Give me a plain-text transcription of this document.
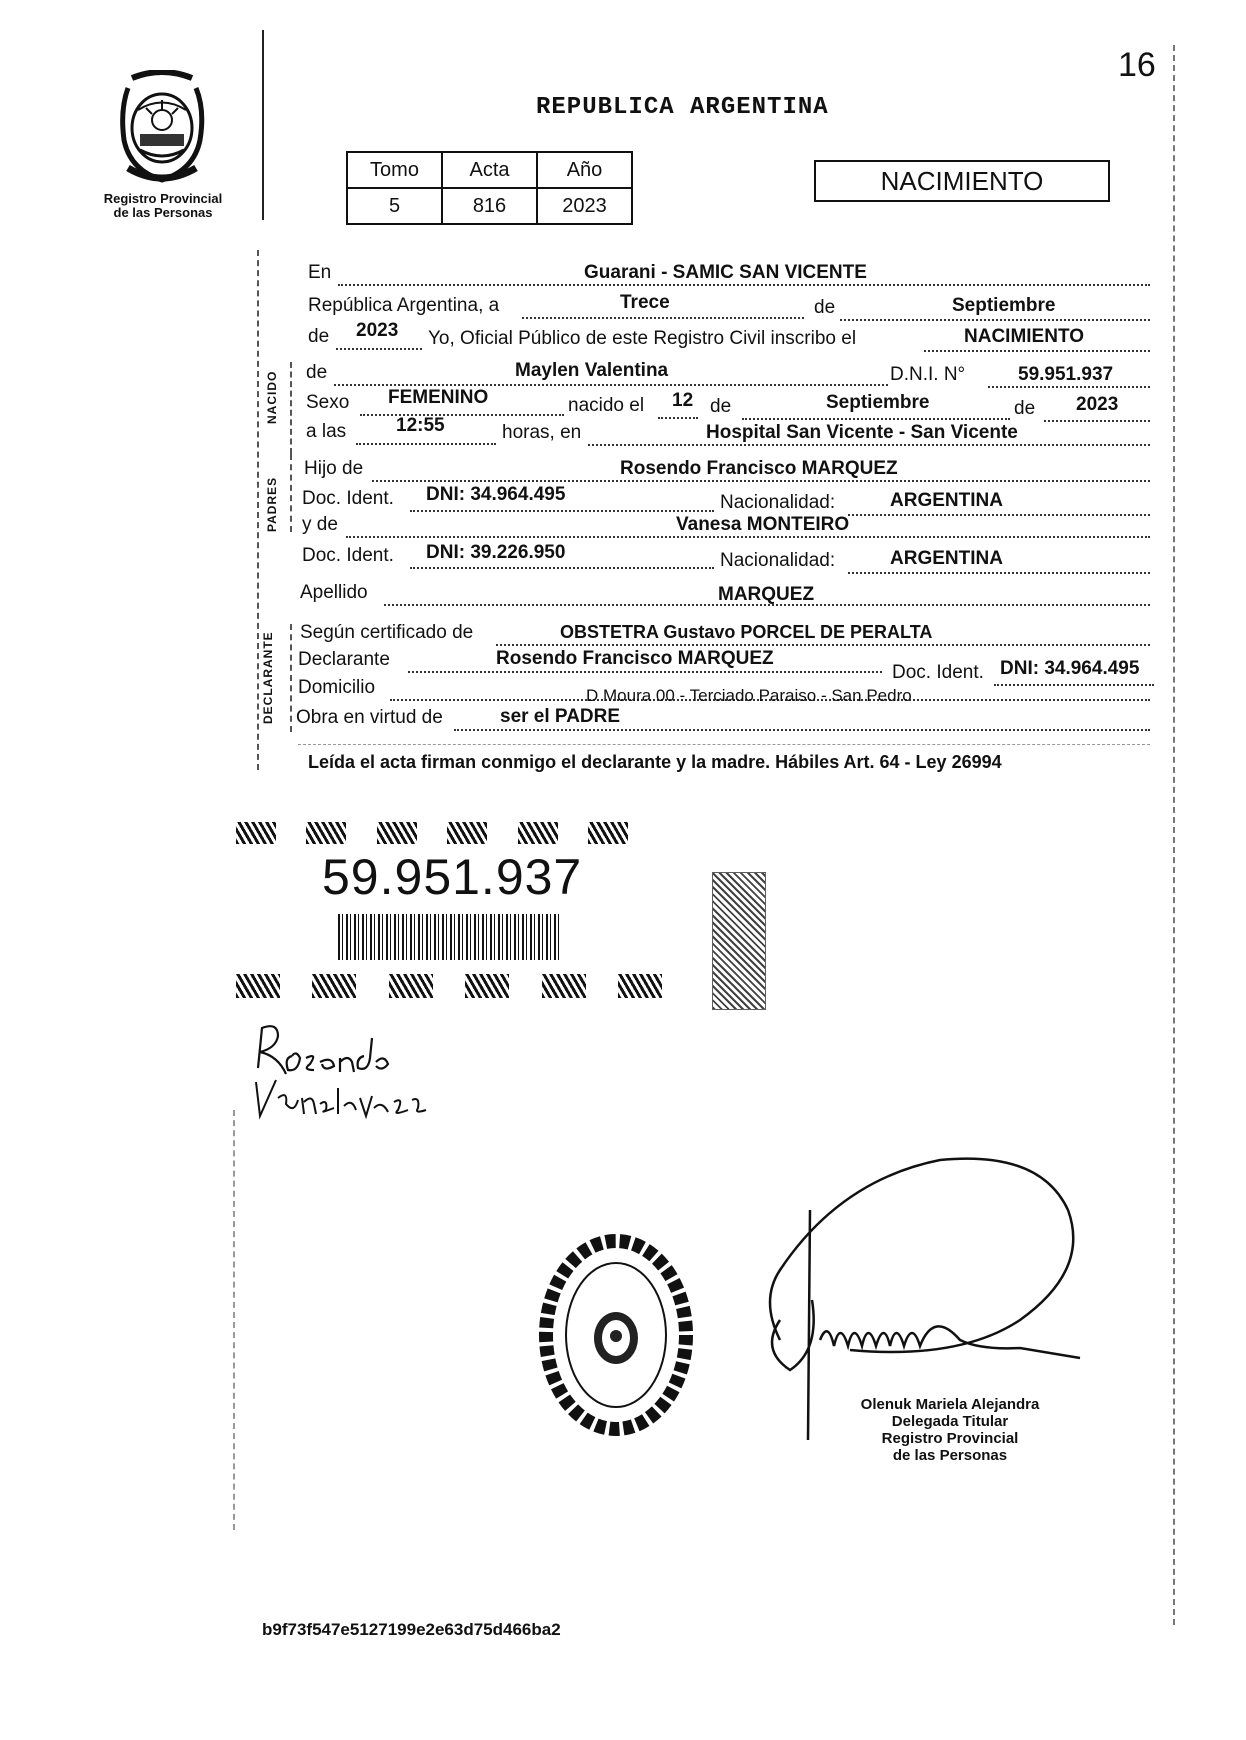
16
Registro Provincial
de las Personas
REPUBLICA ARGENTINA
Tomo	Acta	Año
5	816	2023
NACIMIENTO
En	Guarani - SAMIC SAN VICENTE
República Argentina, a	Trece	de	Septiembre
de 2023 Yo, Oficial Público de este Registro Civil inscribo el	NACIMIENTO
NACIDO de	Maylen Valentina	D.N.I. N°	59.951.937
Sexo FEMENINO	nacido el 12 de	Septiembre	de 2023
a las	12:55	horas, en	Hospital San Vicente - San Vicente
PADRES
Hijo de	Rosendo Francisco MARQUEZ
Doc. Ident. DNI: 34.964.495	Nacionalidad:	ARGENTINA
y de	Vanesa MONTEIRO
Doc. Ident. DNI: 39.226.950	Nacionalidad:	ARGENTINA
Apellido	MARQUEZ
DECLARANTE Según certificado de	OBSTETRA Gustavo PORCEL DE PERALTA
Declarante	Rosendo Francisco MARQUEZ
Doc. Ident. DNI: 34.964.495
Domicilio	D Moura 00 - Terciado Paraiso - San Pedro
Obra en virtud de	ser el PADRE
Leída el acta firman conmigo el declarante y la madre. Hábiles Art. 64 - Ley 26994

59.951.937

Olenuk Mariela Alejandra
Delegada Titular
Registro Provincial
de las Personas
b9f73f547e5127199e2e63d75d466ba2
